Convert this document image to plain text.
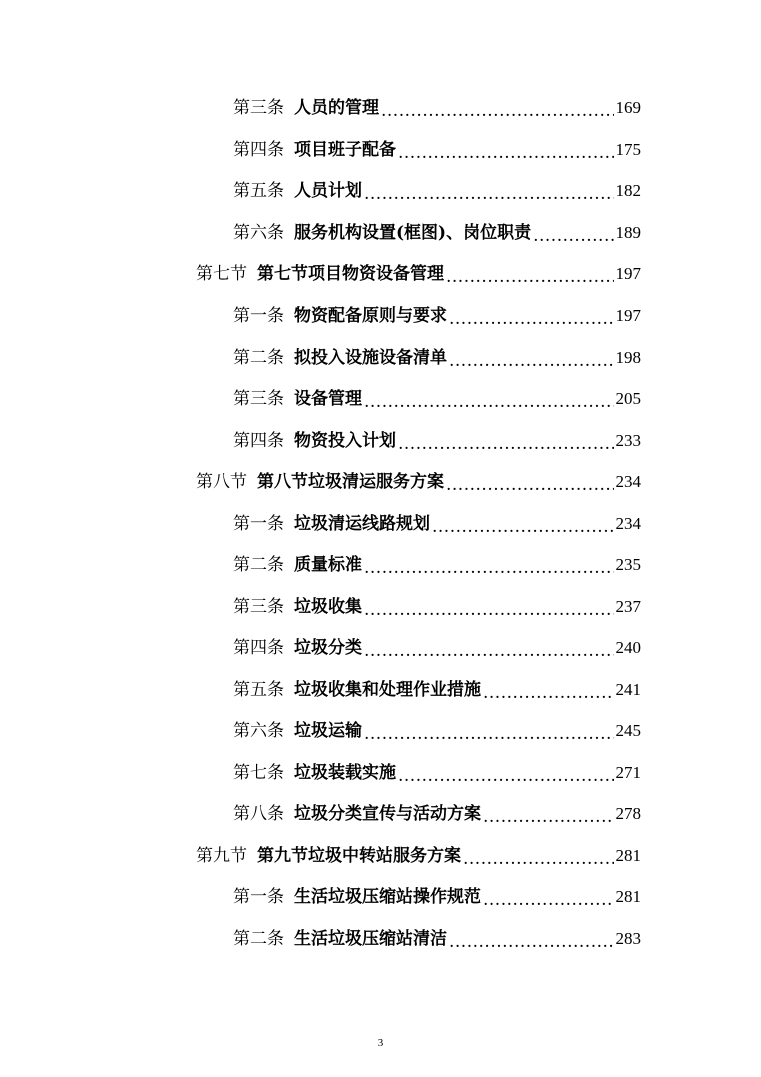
第三条 人员的管理 .....	169
第四条 项目班子配备 .....	175
第五条 人员计划 .....	182
第六条 服务机构设置(框图)、岗位职责 .....	189
第七节 第七节项目物资设备管理 .....	197
第一条 物资配备原则与要求 .....	197
第二条 拟投入设施设备清单 .....	198
第三条 设备管理 .....	205
第四条 物资投入计划 .....	233
第八节 第八节垃圾清运服务方案 .....	234
第一条 垃圾清运线路规划 .....	234
第二条 质量标准 .....	235
第三条 垃圾收集 .....	237
第四条 垃圾分类 .....	240
第五条 垃圾收集和处理作业措施 .....	241
第六条 垃圾运输 .....	245
第七条 垃圾装载实施 .....	271
第八条 垃圾分类宣传与活动方案 .....	278
第九节 第九节垃圾中转站服务方案 .....	281
第一条 生活垃圾压缩站操作规范 .....	281
第二条 生活垃圾压缩站清洁 .....	283
3
